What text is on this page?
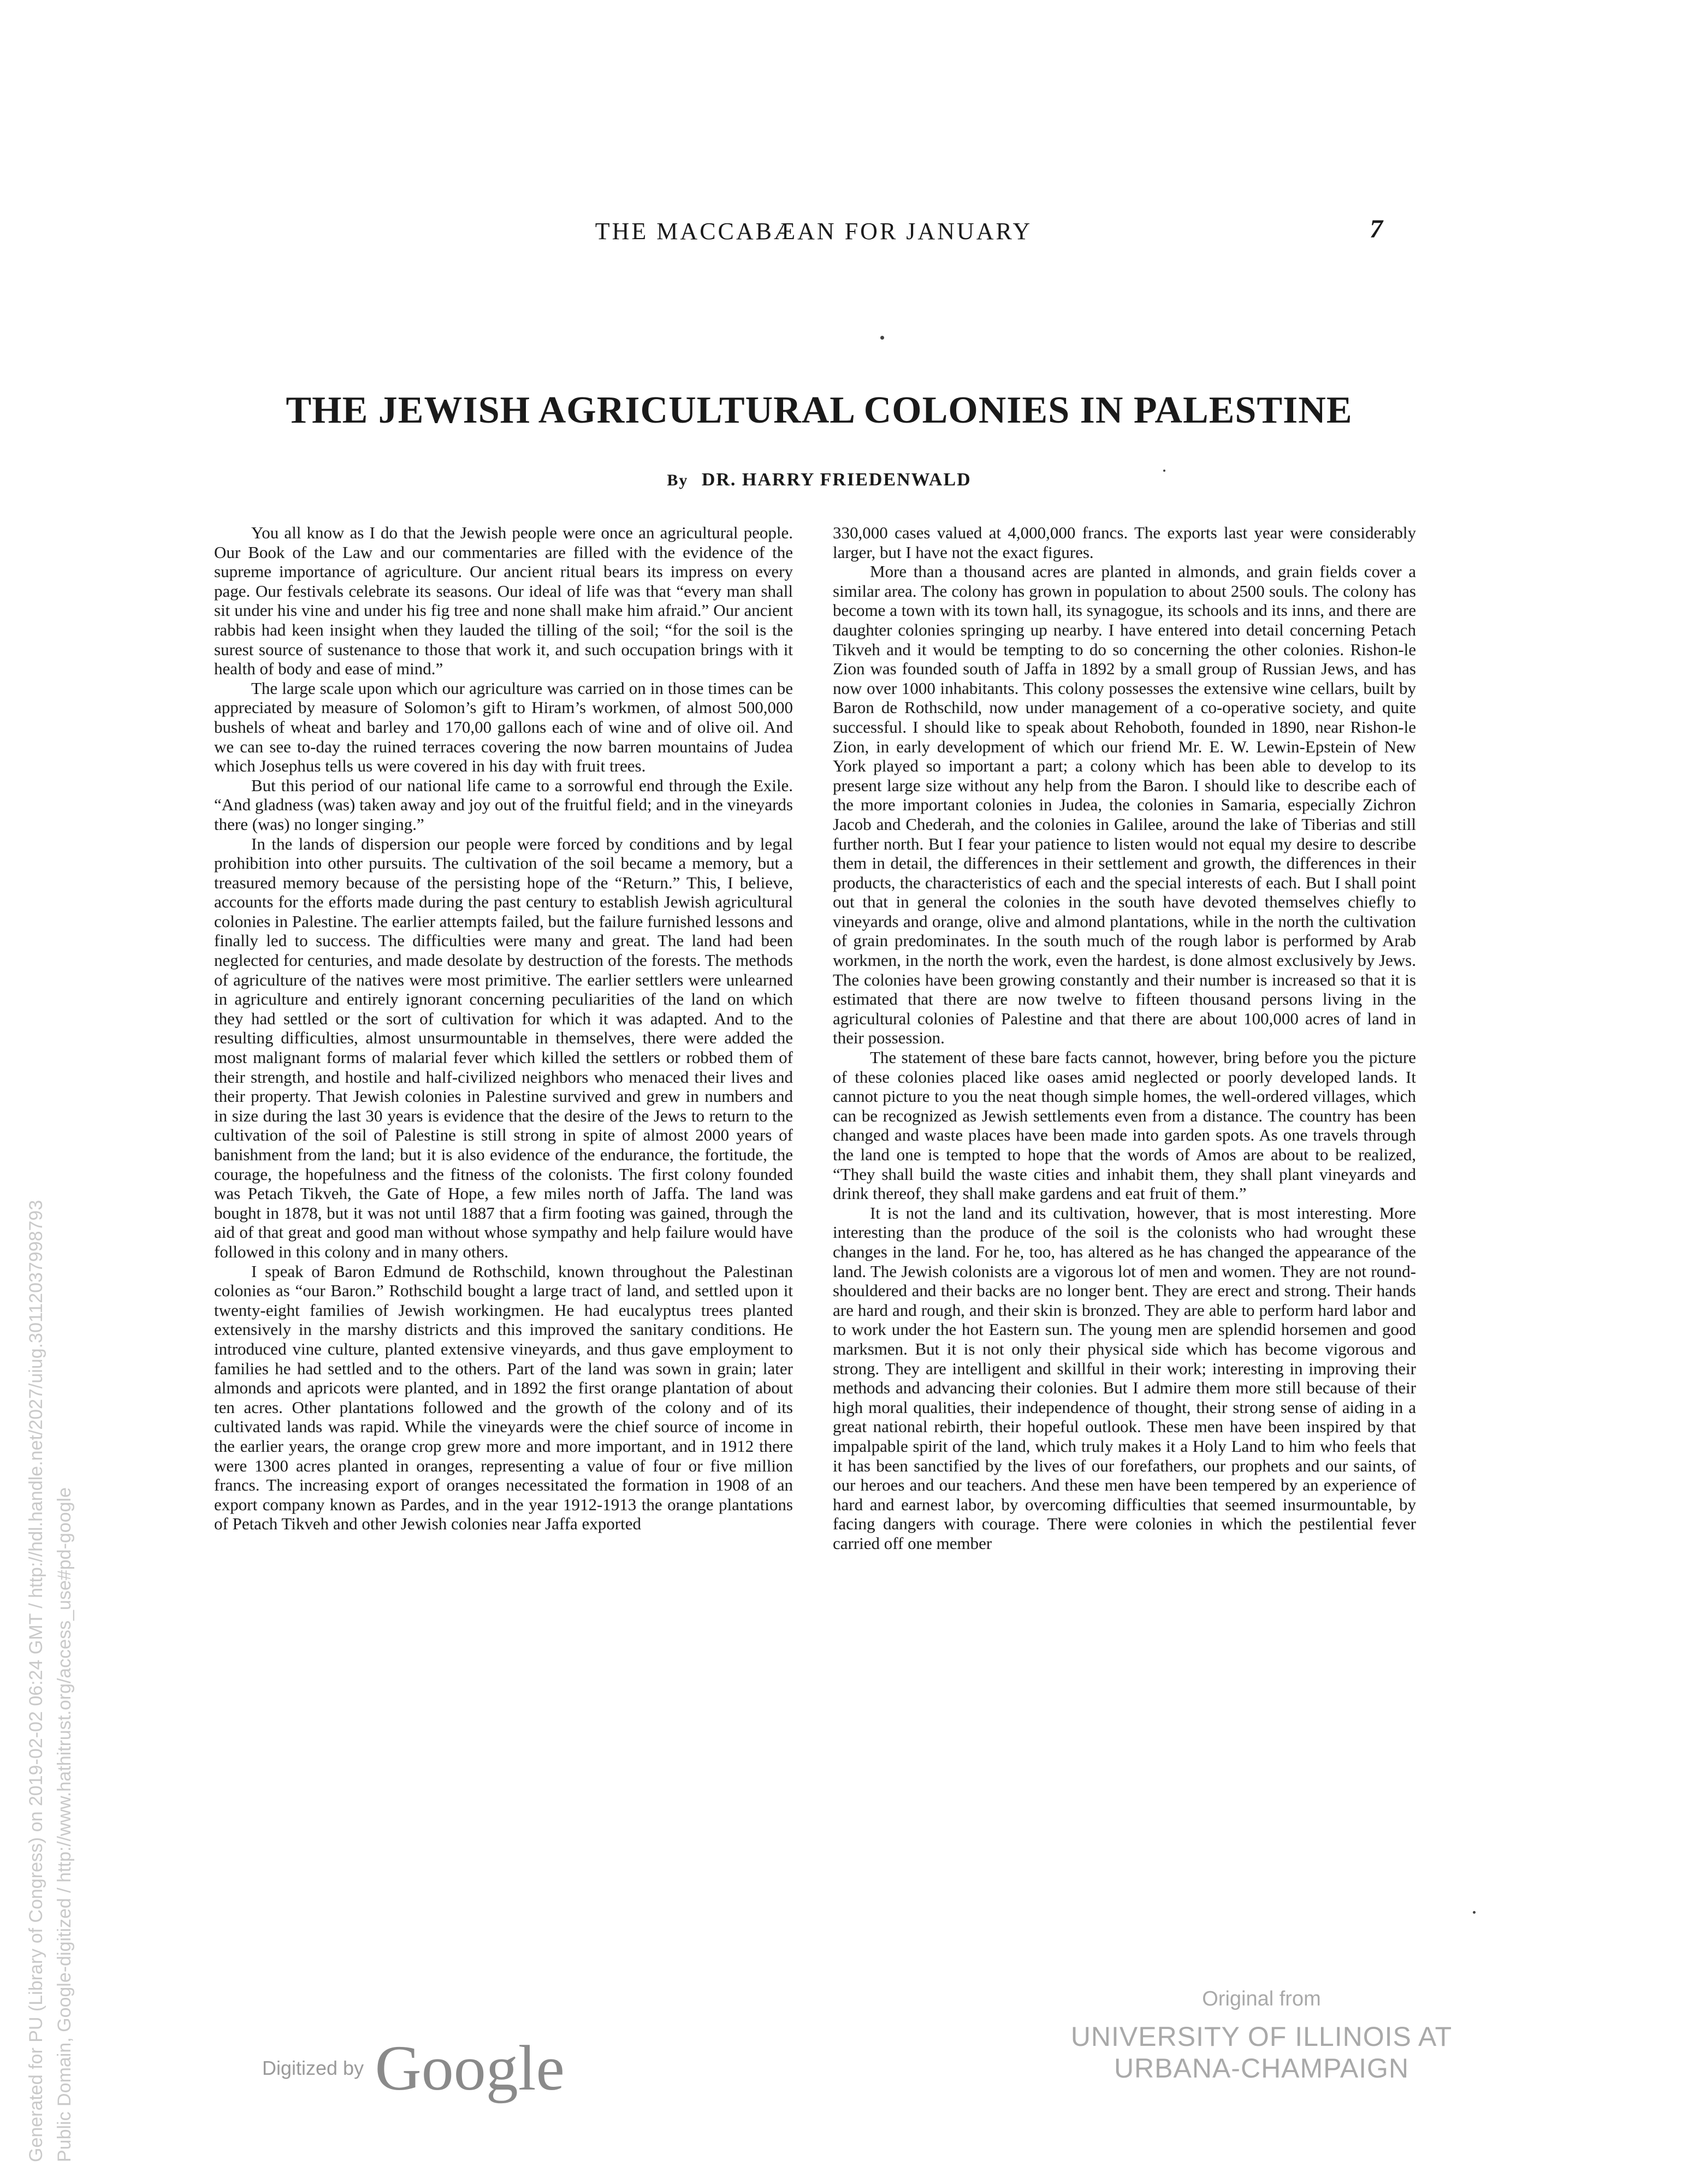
THE MACCABÆAN FOR JANUARY	7
THE JEWISH AGRICULTURAL COLONIES IN PALESTINE
By DR. HARRY FRIEDENWALD

You all know as I do that the Jewish people were once an agricultural people. Our Book of the Law and our commentaries are filled with the evidence of the supreme importance of agriculture. Our ancient ritual bears its impress on every page. Our festivals celebrate its seasons. Our ideal of life was that “every man shall sit under his vine and under his fig tree and none shall make him afraid.” Our ancient rabbis had keen insight when they lauded the tilling of the soil; “for the soil is the surest source of sustenance to those that work it, and such occupation brings with it health of body and ease of mind.”

The large scale upon which our agriculture was carried on in those times can be appreciated by measure of Solomon’s gift to Hiram’s workmen, of almost 500,000 bushels of wheat and barley and 170,00 gallons each of wine and of olive oil. And we can see to-day the ruined terraces covering the now barren mountains of Judea which Josephus tells us were covered in his day with fruit trees.

But this period of our national life came to a sorrowful end through the Exile. “And gladness (was) taken away and joy out of the fruitful field; and in the vineyards there (was) no longer singing.”

In the lands of dispersion our people were forced by conditions and by legal prohibition into other pursuits. The cultivation of the soil became a memory, but a treasured memory because of the persisting hope of the “Return.” This, I believe, accounts for the efforts made during the past century to establish Jewish agricultural colonies in Palestine. The earlier attempts failed, but the failure furnished lessons and finally led to success. The difficulties were many and great. The land had been neglected for centuries, and made desolate by destruction of the forests. The methods of agriculture of the natives were most primitive. The earlier settlers were unlearned in agriculture and entirely ignorant concerning peculiarities of the land on which they had settled or the sort of cultivation for which it was adapted. And to the resulting difficulties, almost unsurmountable in themselves, there were added the most malignant forms of malarial fever which killed the settlers or robbed them of their strength, and hostile and half-civilized neighbors who menaced their lives and their property. That Jewish colonies in Palestine survived and grew in numbers and in size during the last 30 years is evidence that the desire of the Jews to return to the cultivation of the soil of Palestine is still strong in spite of almost 2000 years of banishment from the land; but it is also evidence of the endurance, the fortitude, the courage, the hopefulness and the fitness of the colonists. The first colony founded was Petach Tikveh, the Gate of Hope, a few miles north of Jaffa. The land was bought in 1878, but it was not until 1887 that a firm footing was gained, through the aid of that great and good man without whose sympathy and help failure would have followed in this colony and in many others.

I speak of Baron Edmund de Rothschild, known throughout the Palestinan colonies as “our Baron.” Rothschild bought a large tract of land, and settled upon it twenty-eight families of Jewish workingmen. He had eucalyptus trees planted extensively in the marshy districts and this improved the sanitary conditions. He introduced vine culture, planted extensive vineyards, and thus gave employment to families he had settled and to the others. Part of the land was sown in grain; later almonds and apricots were planted, and in 1892 the first orange plantation of about ten acres. Other plantations followed and the growth of the colony and of its cultivated lands was rapid. While the vineyards were the chief source of income in the earlier years, the orange crop grew more and more important, and in 1912 there were 1300 acres planted in oranges, representing a value of four or five million francs. The increasing export of oranges necessitated the formation in 1908 of an export company known as Pardes, and in the year 1912-1913 the orange plantations of Petach Tikveh and other Jewish colonies near Jaffa exported

330,000 cases valued at 4,000,000 francs. The exports last year were considerably larger, but I have not the exact figures.

More than a thousand acres are planted in almonds, and grain fields cover a similar area. The colony has grown in population to about 2500 souls. The colony has become a town with its town hall, its synagogue, its schools and its inns, and there are daughter colonies springing up nearby. I have entered into detail concerning Petach Tikveh and it would be tempting to do so concerning the other colonies. Rishon-le Zion was founded south of Jaffa in 1892 by a small group of Russian Jews, and has now over 1000 inhabitants. This colony possesses the extensive wine cellars, built by Baron de Rothschild, now under management of a co-operative society, and quite successful. I should like to speak about Rehoboth, founded in 1890, near Rishon-le Zion, in early development of which our friend Mr. E. W. Lewin-Epstein of New York played so important a part; a colony which has been able to develop to its present large size without any help from the Baron. I should like to describe each of the more important colonies in Judea, the colonies in Samaria, especially Zichron Jacob and Chederah, and the colonies in Galilee, around the lake of Tiberias and still further north. But I fear your patience to listen would not equal my desire to describe them in detail, the differences in their settlement and growth, the differences in their products, the characteristics of each and the special interests of each. But I shall point out that in general the colonies in the south have devoted themselves chiefly to vineyards and orange, olive and almond plantations, while in the north the cultivation of grain predominates. In the south much of the rough labor is performed by Arab workmen, in the north the work, even the hardest, is done almost exclusively by Jews. The colonies have been growing constantly and their number is increased so that it is estimated that there are now twelve to fifteen thousand persons living in the agricultural colonies of Palestine and that there are about 100,000 acres of land in their possession.

The statement of these bare facts cannot, however, bring before you the picture of these colonies placed like oases amid neglected or poorly developed lands. It cannot picture to you the neat though simple homes, the well-ordered villages, which can be recognized as Jewish settlements even from a distance. The country has been changed and waste places have been made into garden spots. As one travels through the land one is tempted to hope that the words of Amos are about to be realized, “They shall build the waste cities and inhabit them, they shall plant vineyards and drink thereof, they shall make gardens and eat fruit of them.”

It is not the land and its cultivation, however, that is most interesting. More interesting than the produce of the soil is the colonists who had wrought these changes in the land. For he, too, has altered as he has changed the appearance of the land. The Jewish colonists are a vigorous lot of men and women. They are not round-shouldered and their backs are no longer bent. They are erect and strong. Their hands are hard and rough, and their skin is bronzed. They are able to perform hard labor and to work under the hot Eastern sun. The young men are splendid horsemen and good marksmen. But it is not only their physical side which has become vigorous and strong. They are intelligent and skillful in their work; interesting in improving their methods and advancing their colonies. But I admire them more still because of their high moral qualities, their independence of thought, their strong sense of aiding in a great national rebirth, their hopeful outlook. These men have been inspired by that impalpable spirit of the land, which truly makes it a Holy Land to him who feels that it has been sanctified by the lives of our forefathers, our prophets and our saints, of our heroes and our teachers. And these men have been tempered by an experience of hard and earnest labor, by overcoming difficulties that seemed insurmountable, by facing dangers with courage. There were colonies in which the pestilential fever carried off one member

Digitized by Google
Original from
UNIVERSITY OF ILLINOIS AT
URBANA-CHAMPAIGN
Generated for PU (Library of Congress) on 2019-02-02 06:24 GMT / http://hdl.handle.net/2027/uiug.30112037998793 Public Domain, Google-digitized / http://www.hathitrust.org/access_use#pd-google
